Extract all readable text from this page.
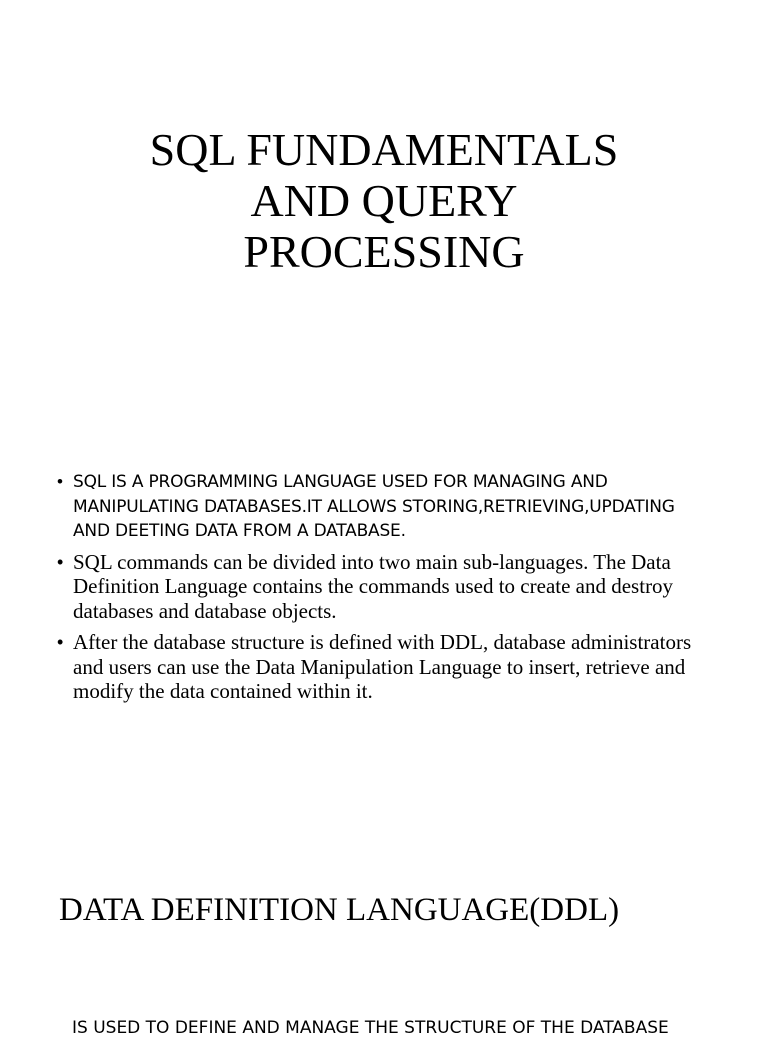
SQL FUNDAMENTALS
AND QUERY
PROCESSING
• SQL IS A PROGRAMMING LANGUAGE USED FOR MANAGING AND MANIPULATING DATABASES.IT ALLOWS STORING,RETRIEVING,UPDATING AND DEETING DATA FROM A DATABASE.
• SQL commands can be divided into two main sub-languages. The Data Definition Language contains the commands used to create and destroy databases and database objects.
• After the database structure is defined with DDL, database administrators and users can use the Data Manipulation Language to insert, retrieve and modify the data contained within it.
DATA DEFINITION LANGUAGE(DDL)

IS USED TO DEFINE AND MANAGE THE STRUCTURE OF THE DATABASE
